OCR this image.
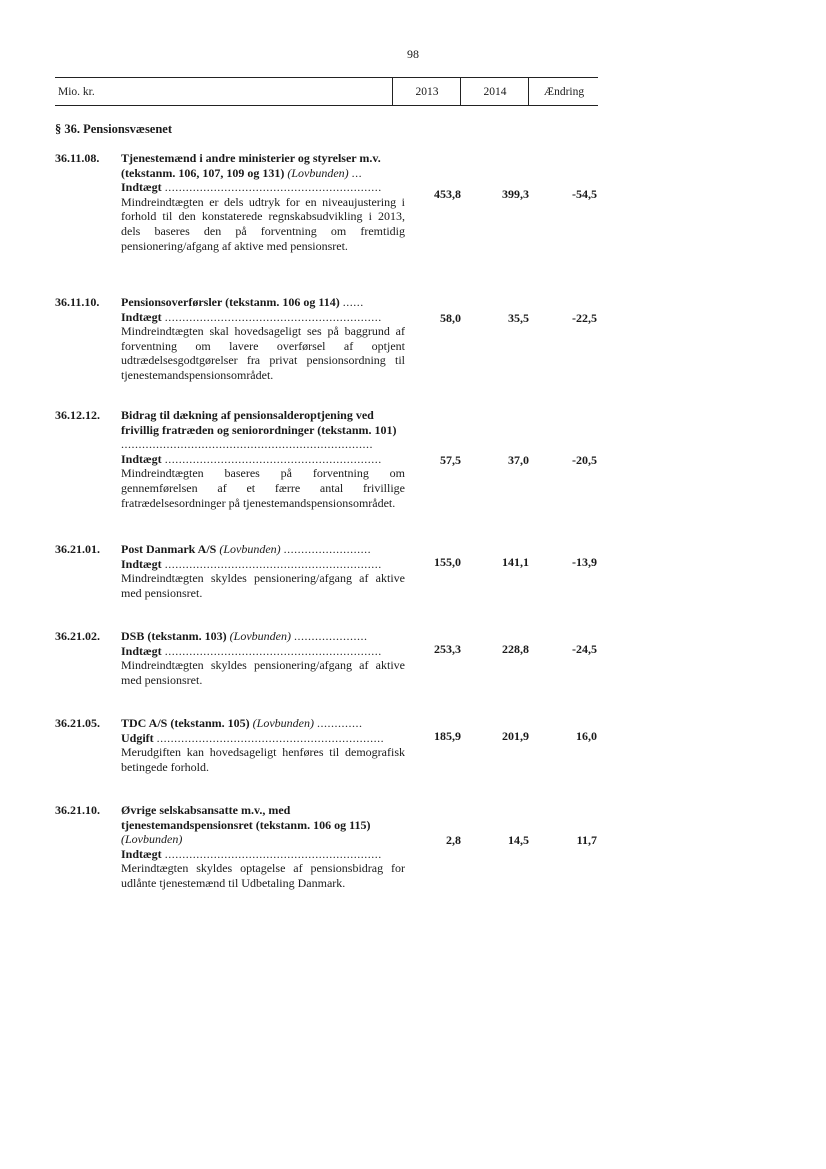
98
Mio. kr.	2013	2014	Ændring
§ 36. Pensionsvæsenet
36.11.08. Tjenestemænd i andre ministerier og styrelser m.v. (tekstanm. 106, 107, 109 og 131) (Lovbunden) ...
Indtægt ..............................................................
Mindreindtægten er dels udtryk for en niveaujustering i forhold til den konstaterede regnskabsudvikling i 2013, dels baseres den på forventning om fremtidig pensionering/afgang af aktive med pensionsret.
453,8	399,3	-54,5
36.11.10. Pensionsoverførsler (tekstanm. 106 og 114) ......
Indtægt ..............................................................
Mindreindtægten skal hovedsageligt ses på baggrund af forventning om lavere overførsel af optjent udtrædelsesgodtgørelser fra privat pensionsordning til tjenestemandspensionsområdet.
58,0	35,5	-22,5
36.12.12. Bidrag til dækning af pensionsalderoptjening ved frivillig fratræden og seniorordninger (tekstanm. 101) ........................................................................
Indtægt ..............................................................
Mindreindtægten baseres på forventning om gennemførelsen af et færre antal frivillige fratrædelsesordninger på tjenestemandspensionsområdet.
57,5	37,0	-20,5
36.21.01. Post Danmark A/S (Lovbunden) .........................
Indtægt ..............................................................
Mindreindtægten skyldes pensionering/afgang af aktive med pensionsret.
155,0	141,1	-13,9
36.21.02. DSB (tekstanm. 103) (Lovbunden) .....................
Indtægt ..............................................................
Mindreindtægten skyldes pensionering/afgang af aktive med pensionsret.
253,3	228,8	-24,5
36.21.05. TDC A/S (tekstanm. 105) (Lovbunden) .............
Udgift .................................................................
Merudgiften kan hovedsageligt henføres til demografisk betingede forhold.
185,9	201,9	16,0
36.21.10. Øvrige selskabsansatte m.v., med tjenestemandspensionsret (tekstanm. 106 og 115) (Lovbunden)
Indtægt ..............................................................
Merindtægten skyldes optagelse af pensionsbidrag for udlånte tjenestemænd til Udbetaling Danmark.
2,8	14,5	11,7
